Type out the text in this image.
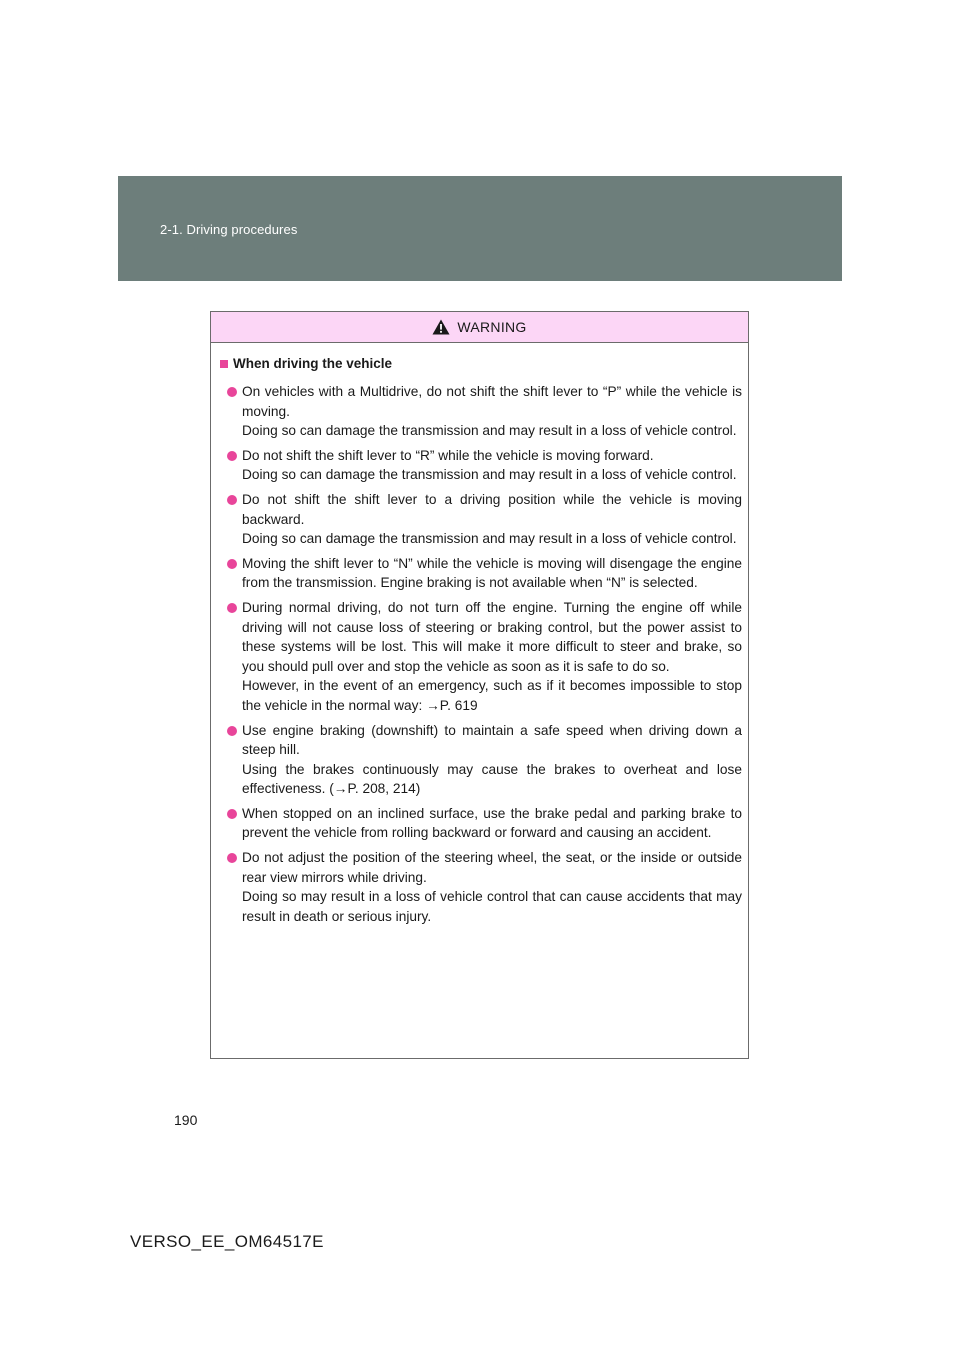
2-1. Driving procedures
WARNING
When driving the vehicle
On vehicles with a Multidrive, do not shift the shift lever to “P” while the vehicle is moving.
Doing so can damage the transmission and may result in a loss of vehicle control.
Do not shift the shift lever to “R” while the vehicle is moving forward.
Doing so can damage the transmission and may result in a loss of vehicle control.
Do not shift the shift lever to a driving position while the vehicle is moving backward.
Doing so can damage the transmission and may result in a loss of vehicle control.
Moving the shift lever to “N” while the vehicle is moving will disengage the engine from the transmission. Engine braking is not available when “N” is selected.
During normal driving, do not turn off the engine. Turning the engine off while driving will not cause loss of steering or braking control, but the power assist to these systems will be lost. This will make it more difficult to steer and brake, so you should pull over and stop the vehicle as soon as it is safe to do so.
However, in the event of an emergency, such as if it becomes impossible to stop the vehicle in the normal way: →P. 619
Use engine braking (downshift) to maintain a safe speed when driving down a steep hill.
Using the brakes continuously may cause the brakes to overheat and lose effectiveness. (→P. 208, 214)
When stopped on an inclined surface, use the brake pedal and parking brake to prevent the vehicle from rolling backward or forward and causing an accident.
Do not adjust the position of the steering wheel, the seat, or the inside or outside rear view mirrors while driving.
Doing so may result in a loss of vehicle control that can cause accidents that may result in death or serious injury.
190
VERSO_EE_OM64517E
